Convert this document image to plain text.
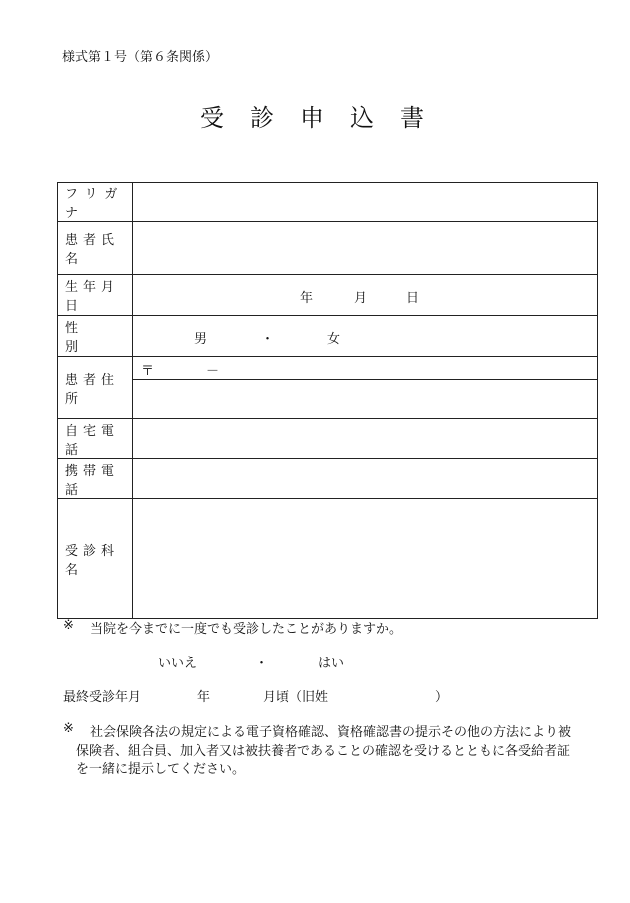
様式第１号（第６条関係）
受診申込書
フリガナ	
患者氏名	
生年月日	年 月 日

性別	男 ・ 女

患者住所	〒 －

自宅電話	
携帯電話	
受診科名	
※ 当院を今までに一度でも受診したことがありますか。
いいえ	・	はい
最終受診年月	年	月頃（旧姓	）
※ 社会保険各法の規定による電子資格確認、資格確認書の提示その他の方法により被
保険者、組合員、加入者又は被扶養者であることの確認を受けるとともに各受給者証
を一緒に提示してください。
